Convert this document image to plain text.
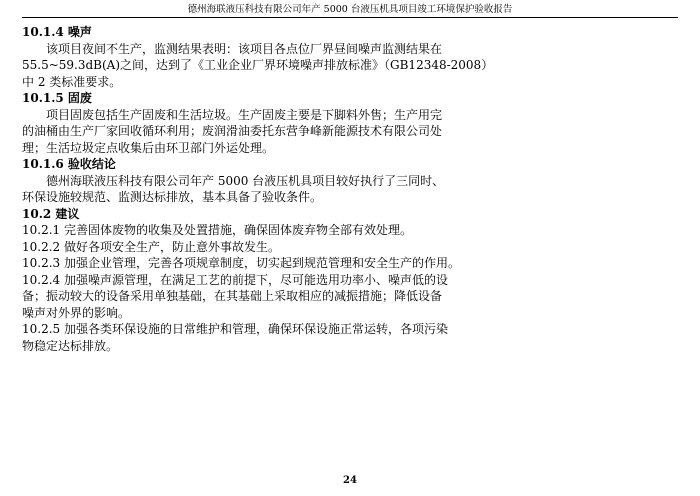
德州海联液压科技有限公司年产 5000 台液压机具项目竣工环境保护验收报告
10.1.4 噪声
该项目夜间不生产，监测结果表明：该项目各点位厂界昼间噪声监测结果在
55.5~59.3dB(A)之间，达到了《工业企业厂界环境噪声排放标准》（GB12348-2008）
中 2 类标准要求。
10.1.5 固废
项目固废包括生产固废和生活垃圾。生产固废主要是下脚料外售；生产用完
的油桶由生产厂家回收循环利用；废润滑油委托东营争峰新能源技术有限公司处
理；生活垃圾定点收集后由环卫部门外运处理。
10.1.6 验收结论
德州海联液压科技有限公司年产 5000 台液压机具项目较好执行了三同时、
环保设施较规范、监测达标排放，基本具备了验收条件。
10.2 建议
10.2.1 完善固体废物的收集及处置措施，确保固体废弃物全部有效处理。
10.2.2 做好各项安全生产，防止意外事故发生。
10.2.3 加强企业管理，完善各项规章制度，切实起到规范管理和安全生产的作用。
10.2.4 加强噪声源管理，在满足工艺的前提下，尽可能选用功率小、噪声低的设
备；振动较大的设备采用单独基础，在其基础上采取相应的减振措施；降低设备
噪声对外界的影响。
10.2.5 加强各类环保设施的日常维护和管理，确保环保设施正常运转，各项污染
物稳定达标排放。
24
